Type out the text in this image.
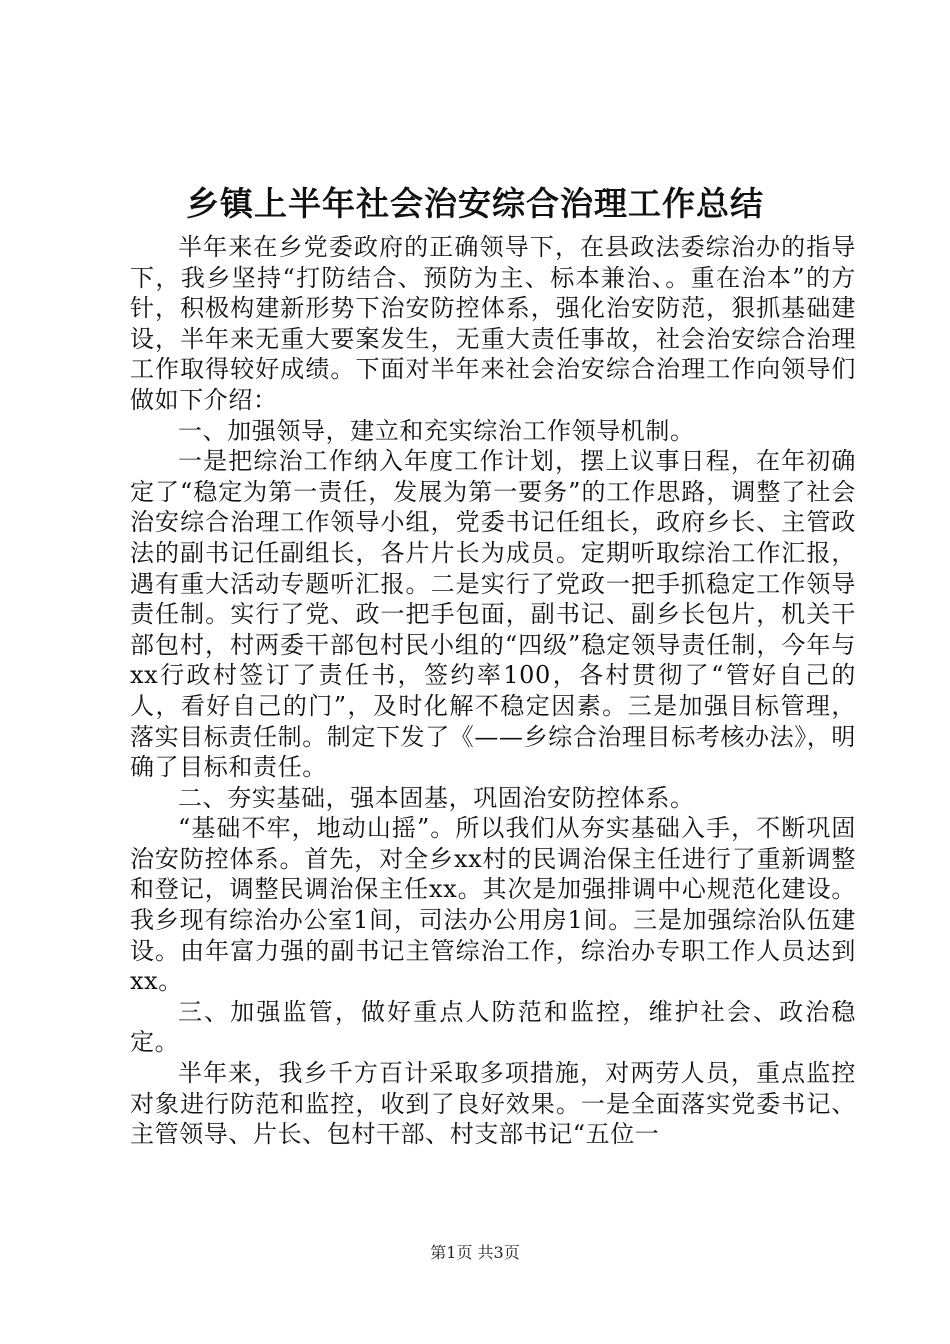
乡镇上半年社会治安综合治理工作总结

半年来在乡党委政府的正确领导下，在县政法委综治办的指导下，我乡坚持“打防结合、预防为主、标本兼治、。重在治本”的方针，积极构建新形势下治安防控体系，强化治安防范，狠抓基础建设，半年来无重大要案发生，无重大责任事故，社会治安综合治理工作取得较好成绩。下面对半年来社会治安综合治理工作向领导们做如下介绍：

一、加强领导，建立和充实综治工作领导机制。

一是把综治工作纳入年度工作计划，摆上议事日程，在年初确定了“稳定为第一责任，发展为第一要务”的工作思路，调整了社会治安综合治理工作领导小组，党委书记任组长，政府乡长、主管政法的副书记任副组长，各片片长为成员。定期听取综治工作汇报，遇有重大活动专题听汇报。二是实行了党政一把手抓稳定工作领导责任制。实行了党、政一把手包面，副书记、副乡长包片，机关干部包村，村两委干部包村民小组的“四级”稳定领导责任制，今年与xx行政村签订了责任书，签约率100，各村贯彻了“管好自己的人，看好自己的门”，及时化解不稳定因素。三是加强目标管理，落实目标责任制。制定下发了《——乡综合治理目标考核办法》，明确了目标和责任。

二、夯实基础，强本固基，巩固治安防控体系。

“基础不牢，地动山摇”。所以我们从夯实基础入手，不断巩固治安防控体系。首先，对全乡xx村的民调治保主任进行了重新调整和登记，调整民调治保主任xx。其次是加强排调中心规范化建设。我乡现有综治办公室1间，司法办公用房1间。三是加强综治队伍建设。由年富力强的副书记主管综治工作，综治办专职工作人员达到xx。

三、加强监管，做好重点人防范和监控，维护社会、政治稳定。

半年来，我乡千方百计采取多项措施，对两劳人员，重点监控对象进行防范和监控，收到了良好效果。一是全面落实党委书记、主管领导、片长、包村干部、村支部书记“五位一

第1页 共3页
